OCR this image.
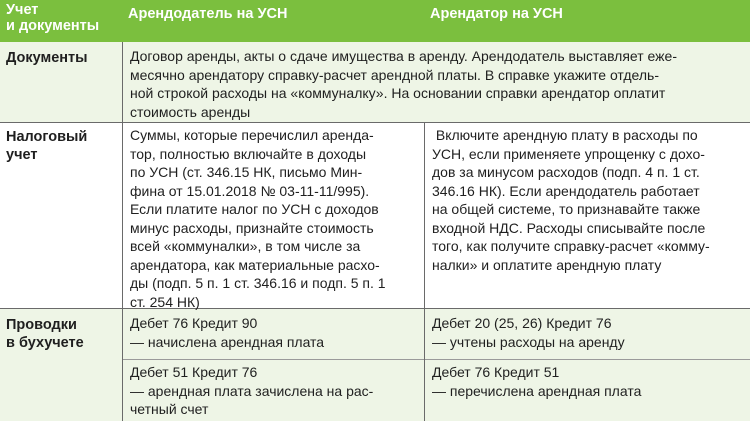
Учет
и документы
Арендодатель на УСН	Арендатор на УСН
Документы	Договор аренды, акты о сдаче имущества в аренду. Арендодатель выставляет еже-
месячно арендатору справку-расчет арендной платы. В справке укажите отдель-
ной строкой расходы на «коммуналку». На основании справки арендатор оплатит
стоимость аренды
Налоговый
учет
Суммы, которые перечислил аренда-
тор, полностью включайте в доходы
по УСН (ст. 346.15 НК, письмо Мин-
фина от 15.01.2018 № 03-11-11/995).
Если платите налог по УСН с доходов
минус расходы, признайте стоимость
всей «коммуналки», в том числе за
арендатора, как материальные расхо-
ды (подп. 5 п. 1 ст. 346.16 и подп. 5 п. 1
ст. 254 НК)
Включите арендную плату в расходы по
УСН, если применяете упрощенку с дохо-
дов за минусом расходов (подп. 4 п. 1 ст.
346.16 НК). Если арендодатель работает
на общей системе, то признавайте также
входной НДС. Расходы списывайте после
того, как получите справку-расчет «комму-
налки» и оплатите арендную плату
Проводки
в бухучете
Дебет 76 Кредит 90
— начислена арендная плата
Дебет 20 (25, 26) Кредит 76
— учтены расходы на аренду
Дебет 51 Кредит 76
— арендная плата зачислена на рас-
четный счет
Дебет 76 Кредит 51
— перечислена арендная плата
